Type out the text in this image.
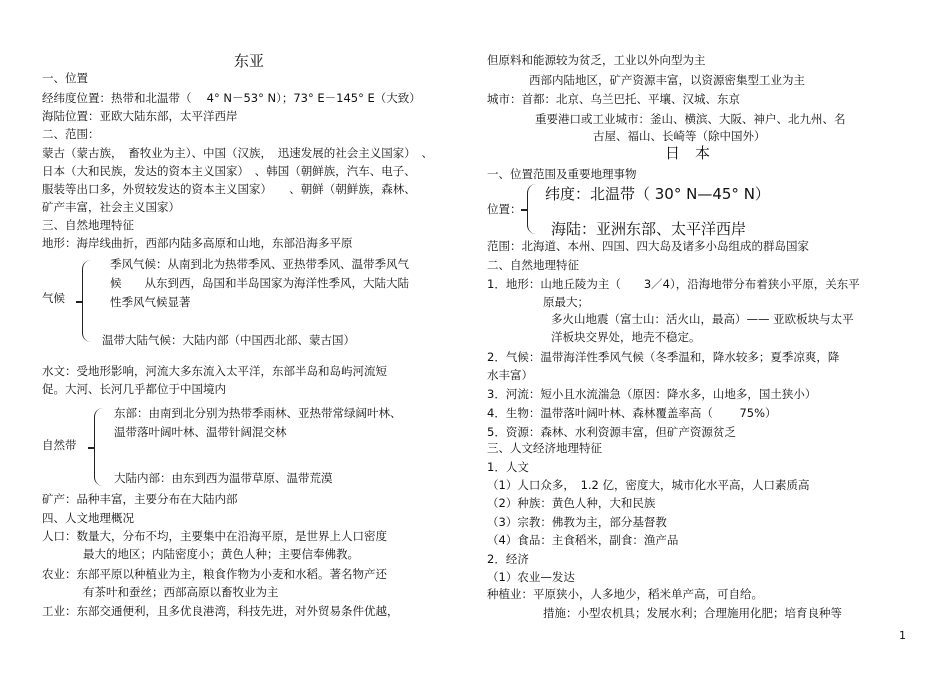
东亚
一、位置
经纬度位置：热带和北温带（　 4° N－53° N）；73° E－145° E（大致）
海陆位置：亚欧大陆东部，太平洋西岸
二、范围：
蒙古（蒙古族，　畜牧业为主）、中国（汉族，　迅速发展的社会主义国家）　、
日本（大和民族，发达的资本主义国家）　、韩国（朝鲜族，汽车、电子、
服装等出口多，外贸较发达的资本主义国家）　　、朝鲜（朝鲜族，森林、
矿产丰富，社会主义国家）
三、自然地理特征
地形：海岸线曲折，西部内陆多高原和山地，东部沿海多平原
气候
季风气候：从南到北为热带季风、亚热带季风、温带季风气
候　　从东到西，岛国和半岛国家为海洋性季风，大陆大陆
性季风气候显著
温带大陆气候：大陆内部（中国西北部、蒙古国）
水文：受地形影响，河流大多东流入太平洋，东部半岛和岛屿河流短
促。大河、长河几乎都位于中国境内
自然带
东部：由南到北分别为热带季雨林、亚热带常绿阔叶林、
温带落叶阔叶林、温带针阔混交林
大陆内部：由东到西为温带草原、温带荒漠
矿产：品种丰富，主要分布在大陆内部
四、人文地理概况
人口：数量大，分布不均，主要集中在沿海平原，是世界上人口密度
最大的地区；内陆密度小；黄色人种；主要信奉佛教。
农业：东部平原以种植业为主，粮食作物为小麦和水稻。著名物产还
有茶叶和蚕丝；西部高原以畜牧业为主
工业：东部交通便利，且多优良港湾，科技先进，对外贸易条件优越，
但原料和能源较为贫乏，工业以外向型为主
西部内陆地区，矿产资源丰富，以资源密集型工业为主
城市：首都：北京、乌兰巴托、平壤、汉城、东京
重要港口或工业城市：釜山、横滨、大阪、神户、北九州、名
古屋、福山、长崎等（除中国外）
日　本
一、位置范围及重要地理事物
位置：
纬度：北温带（ 30° N—45° N）
海陆：亚洲东部、太平洋西岸
范围：北海道、本州、四国、四大岛及诸多小岛组成的群岛国家
二、自然地理特征
1．地形：山地丘陵为主（　　3／4），沿海地带分布着狭小平原，关东平
原最大；
多火山地震（富士山：活火山，最高）—— 亚欧板块与太平
洋板块交界处，地壳不稳定。
2．气候：温带海洋性季风气候（冬季温和，降水较多；夏季凉爽，降
水丰富）
3．河流：短小且水流湍急（原因：降水多，山地多，国土狭小）
4．生物：温带落叶阔叶林、森林覆盖率高（　　 75%）
5．资源：森林、水利资源丰富，但矿产资源贫乏
三、人文经济地理特征
1．人文
（1）人口众多，　1.2 亿，密度大，城市化水平高，人口素质高
（2）种族：黄色人种，大和民族
（3）宗教：佛教为主，部分基督教
（4）食品：主食稻米，副食：渔产品
2．经济
（1）农业—发达
种植业：平原狭小，人多地少，稻米单产高，可自给。
措施：小型农机具；发展水利；合理施用化肥；培育良种等
1
